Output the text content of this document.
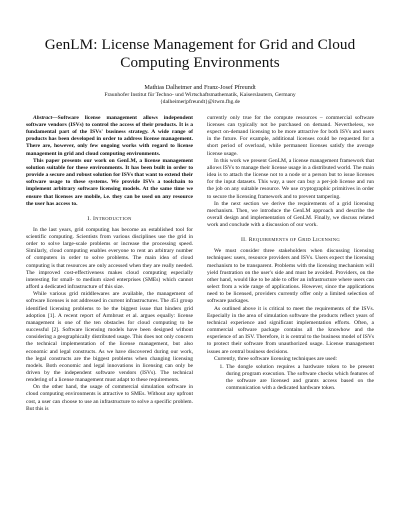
GenLM: License Management for Grid and Cloud Computing Environments
Mathias Dalheimer and Franz-Josef Pfreundt
Fraunhofer Institut für Techno- und Wirtschaftsmathematik, Kaiserslautern, Germany
{dalheimer|pfreundt}@itwm.fhg.de

Abstract—Software license management allows independent software vendors (ISVs) to control the access of their products. It is a fundamental part of the ISVs' business strategy. A wide range of products has been developed in order to address license management. There are, however, only few ongoing works with regard to license management in grid and cloud computing environments.

This paper presents our work on GenLM, a license management solution suitable for these environments. It has been built in order to provide a secure and robust solution for ISVs that want to extend their software usage to these systems. We provide ISVs a toolchain to implement arbitrary software licensing models. At the same time we ensure that licenses are mobile, i.e. they can be used on any resource the user has access to.

I. INTRODUCTION

In the last years, grid computing has become an established tool for scientific computing. Scientists from various disciplines use the grid in order to solve large-scale problems or increase the processing speed. Similarly, cloud computing enables everyone to rent an arbitrary number of computers in order to solve problems. The main idea of cloud computing is that resources are only accessed when they are really needed. The improved cost-effectiveness makes cloud computing especially interesting for small- to medium sized enterprises (SMEs) which cannot afford a dedicated infrastructure of this size.

While various grid middlewares are available, the management of software licenses is not addressed in current infrastructures. The 451 group identified licensing problems to be the biggest issue that hinders grid adoption [1]. A recent report of Armbrust et al. argues equally: license management is one of the ten obstacles for cloud computing to be successful [2]. Software licensing models have been designed without considering a geographically distributed usage. This does not only concern the technical implementation of the license management, but also economic and legal constructs. As we have discovered during our work, the legal constructs are the biggest problems when changing licensing models. Both economic and legal innovations in licensing can only be driven by the independent software vendors (ISVs). The technical rendering of a license management must adapt to these requirements.

On the other hand, the usage of commercial simulation software in cloud computing environments is attractive to SMEs. Without any upfront cost, a user can choose to use an infrastructure to solve a specific problem. But this is

currently only true for the compute resources – commercial software licenses can typically not be purchased on demand. Nevertheless, we expect on-demand licensing to be more attractive for both ISVs and users in the future. For example, additional licenses could be requested for a short period of overload, while permanent licenses satisfy the average license usage.

In this work we present GenLM, a license management framework that allows ISVs to manage their license usage in a distributed world. The main idea is to attach the license not to a node or a person but to issue licenses for the input datasets. This way, a user can buy a per-job license and run the job on any suitable resource. We use cryptographic primitives in order to secure the licensing framework and to prevent tampering.

In the next section we derive the requirements of a grid licensing mechanism. Then, we introduce the GenLM approach and describe the overall design and implementation of GenLM. Finally, we discuss related work and conclude with a discussion of our work.

II. REQUIREMENTS OF GRID LICENSING

We must consider three stakeholders when discussing licensing techniques: users, resource providers and ISVs. Users expect the licensing mechanism to be transparent. Problems with the licensing mechanism will yield frustration on the user's side and must be avoided. Providers, on the other hand, would like to be able to offer an infrastructure where users can select from a wide range of applications. However, since the applications need to be licensed, providers currently offer only a limited selection of software packages.

As outlined above it is critical to meet the requirements of the ISVs. Especially in the area of simulation software the products reflect years of technical experience and significant implementation efforts. Often, a commercial software package contains all the knowhow and the experience of an ISV. Therefore, it is central to the business model of ISVs to protect their software from unauthorized usage. License management issues are central business decisions.

Currently, three software licensing techniques are used:

1. The dongle solution requires a hardware token to be present during program execution. The software checks which features of the software are licensed and grants access based on the communication with a dedicated hardware token.
